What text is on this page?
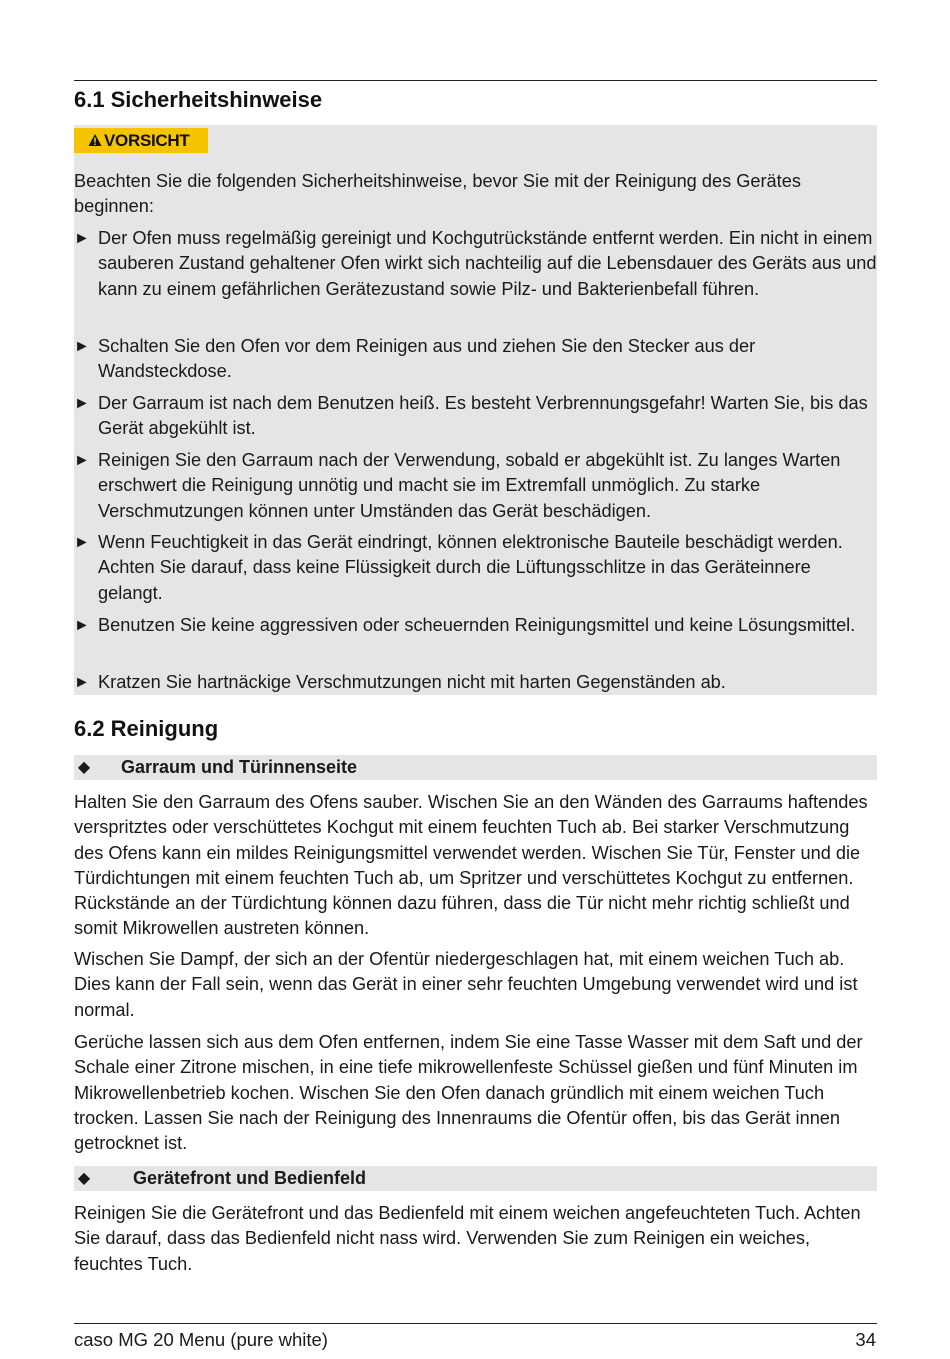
6.1 Sicherheitshinweise
VORSICHT

Beachten Sie die folgenden Sicherheitshinweise, bevor Sie mit der Reinigung des Gerätes beginnen:

► Der Ofen muss regelmäßig gereinigt und Kochgutrückstände entfernt werden. Ein nicht in einem sauberen Zustand gehaltener Ofen wirkt sich nachteilig auf die Lebensdauer des Geräts aus und kann zu einem gefährlichen Gerätezustand sowie Pilz- und Bakterienbefall führen.
► Schalten Sie den Ofen vor dem Reinigen aus und ziehen Sie den Stecker aus der Wandsteckdose.
► Der Garraum ist nach dem Benutzen heiß. Es besteht Verbrennungsgefahr! Warten Sie, bis das Gerät abgekühlt ist.
► Reinigen Sie den Garraum nach der Verwendung, sobald er abgekühlt ist. Zu langes Warten erschwert die Reinigung unnötig und macht sie im Extremfall unmöglich. Zu starke Verschmutzungen können unter Umständen das Gerät beschädigen.
► Wenn Feuchtigkeit in das Gerät eindringt, können elektronische Bauteile beschädigt werden. Achten Sie darauf, dass keine Flüssigkeit durch die Lüftungsschlitze in das Geräteinnere gelangt.
► Benutzen Sie keine aggressiven oder scheuernden Reinigungsmittel und keine Lösungsmittel.
► Kratzen Sie hartnäckige Verschmutzungen nicht mit harten Gegenständen ab.
6.2 Reinigung
◆ Garraum und Türinnenseite

Halten Sie den Garraum des Ofens sauber. Wischen Sie an den Wänden des Garraums haftendes verspritztes oder verschüttetes Kochgut mit einem feuchten Tuch ab. Bei starker Verschmutzung des Ofens kann ein mildes Reinigungsmittel verwendet werden. Wischen Sie Tür, Fenster und die Türdichtungen mit einem feuchten Tuch ab, um Spritzer und verschüttetes Kochgut zu entfernen. Rückstände an der Türdichtung können dazu führen, dass die Tür nicht mehr richtig schließt und somit Mikrowellen austreten können.

Wischen Sie Dampf, der sich an der Ofentür niedergeschlagen hat, mit einem weichen Tuch ab. Dies kann der Fall sein, wenn das Gerät in einer sehr feuchten Umgebung verwendet wird und ist normal.

Gerüche lassen sich aus dem Ofen entfernen, indem Sie eine Tasse Wasser mit dem Saft und der Schale einer Zitrone mischen, in eine tiefe mikrowellenfeste Schüssel gießen und fünf Minuten im Mikrowellenbetrieb kochen. Wischen Sie den Ofen danach gründlich mit einem weichen Tuch trocken. Lassen Sie nach der Reinigung des Innenraums die Ofentür offen, bis das Gerät innen getrocknet ist.

◆ Gerätefront und Bedienfeld

Reinigen Sie die Gerätefront und das Bedienfeld mit einem weichen angefeuchteten Tuch. Achten Sie darauf, dass das Bedienfeld nicht nass wird. Verwenden Sie zum Reinigen ein weiches, feuchtes Tuch.

caso MG 20 Menu (pure white)	34
